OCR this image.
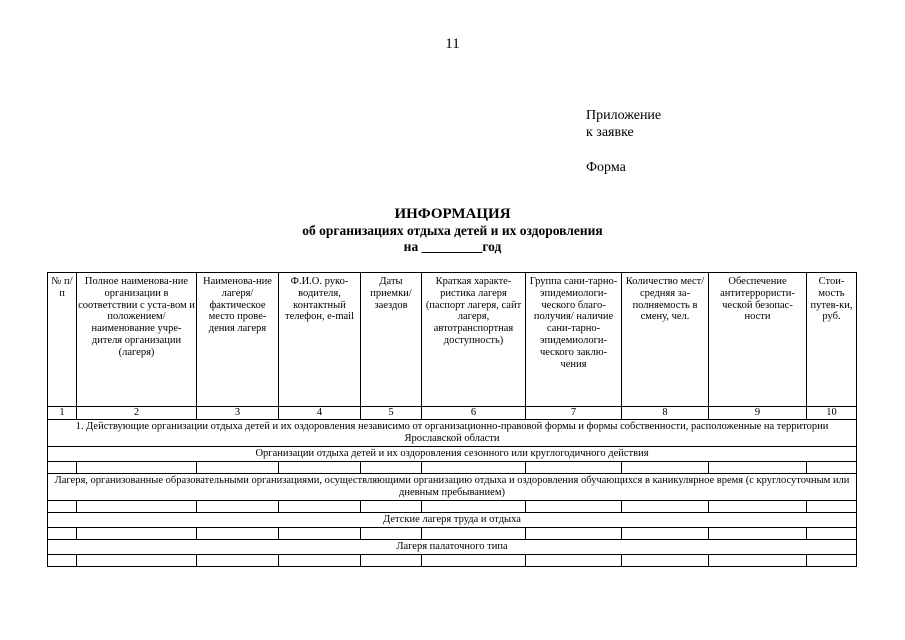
11
Приложение
к заявке
Форма
ИНФОРМАЦИЯ
об организациях отдыха детей и их оздоровления
на _________год
№ п/п	Полное наименова-ние организации в соответствии с уста-вом и положением/ наименование учре-дителя организации (лагеря)	Наименова-ние лагеря/ фактическое место прове-дения лагеря	Ф.И.О. руко-водителя, контактный телефон, e-mail	Даты приемки/ заездов	Краткая характе-ристика лагеря (паспорт лагеря, сайт лагеря, автотранспортная доступность)	Группа сани-тарно-эпидемиологи-ческого благо-получия/ наличие сани-тарно-эпидемиологи-ческого заклю-чения	Количество мест/ средняя за-полняемость в смену, чел.	Обеспечение антитеррористи-ческой безопас-ности	Стои-мость путев-ки, руб.
1	2	3	4	5	6	7	8	9	10
1. Действующие организации отдыха детей и их оздоровления независимо от организационно-правовой формы и формы собственности, расположенные на территории Ярославской области									
Организации отдыха детей и их оздоровления сезонного или круглогодичного действия									

Лагеря, организованные образовательными организациями, осуществляющими организацию отдыха и оздоровления обучающихся в каникулярное время (с круглосуточным или дневным пребыванием)									

Детские лагеря труда и отдыха									

Лагеря палаточного типа									
